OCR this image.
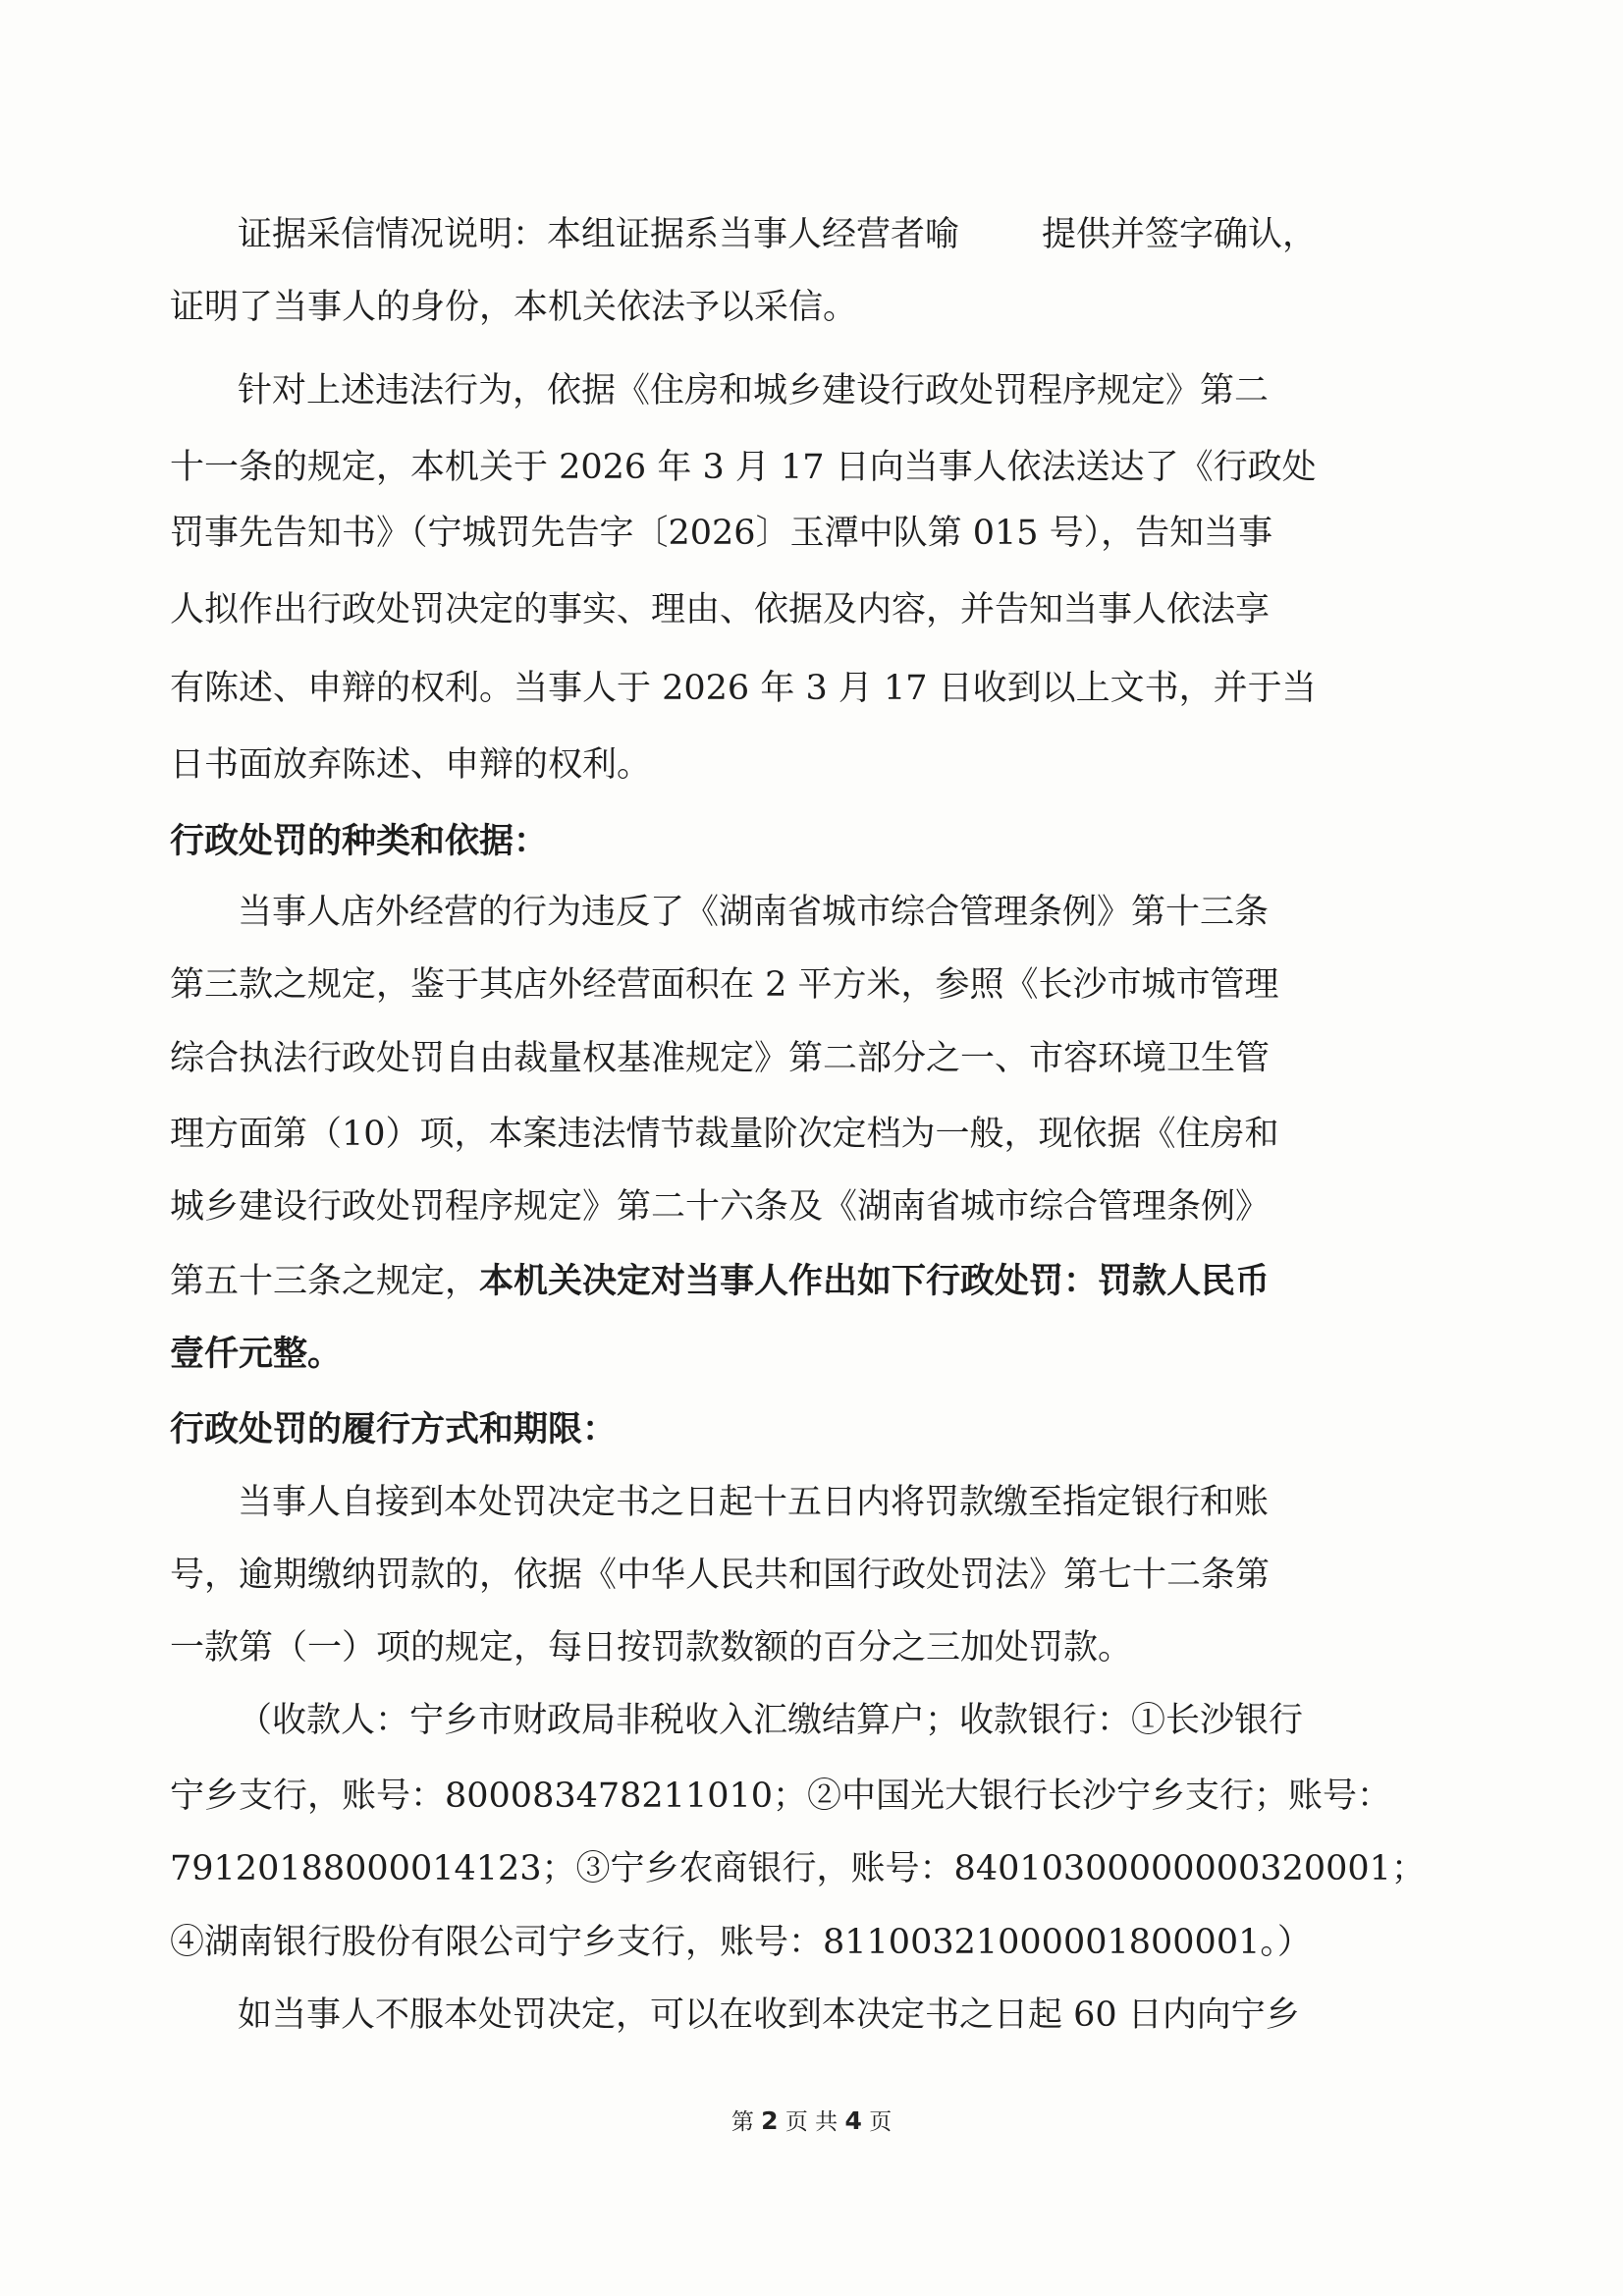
证据采信情况说明：本组证据系当事人经营者喻 提供并签字确认，
证明了当事人的身份，本机关依法予以采信。
针对上述违法行为，依据《住房和城乡建设行政处罚程序规定》第二
十一条的规定，本机关于 2026 年 3 月 17 日向当事人依法送达了《行政处
罚事先告知书》（宁城罚先告字〔2026〕玉潭中队第 015 号），告知当事
人拟作出行政处罚决定的事实、理由、依据及内容，并告知当事人依法享
有陈述、申辩的权利。当事人于 2026 年 3 月 17 日收到以上文书，并于当
日书面放弃陈述、申辩的权利。
行政处罚的种类和依据：
当事人店外经营的行为违反了《湖南省城市综合管理条例》第十三条
第三款之规定，鉴于其店外经营面积在 2 平方米，参照《长沙市城市管理
综合执法行政处罚自由裁量权基准规定》第二部分之一、市容环境卫生管
理方面第（10）项，本案违法情节裁量阶次定档为一般，现依据《住房和
城乡建设行政处罚程序规定》第二十六条及《湖南省城市综合管理条例》
第五十三条之规定，本机关决定对当事人作出如下行政处罚：罚款人民币
壹仟元整。
行政处罚的履行方式和期限：
当事人自接到本处罚决定书之日起十五日内将罚款缴至指定银行和账
号，逾期缴纳罚款的，依据《中华人民共和国行政处罚法》第七十二条第
一款第（一）项的规定，每日按罚款数额的百分之三加处罚款。
（收款人：宁乡市财政局非税收入汇缴结算户；收款银行：①长沙银行
宁乡支行，账号：800083478211010；②中国光大银行长沙宁乡支行；账号：
79120188000014123；③宁乡农商银行，账号：84010300000000320001；
④湖南银行股份有限公司宁乡支行，账号：81100321000001800001。）
如当事人不服本处罚决定，可以在收到本决定书之日起 60 日内向宁乡
第 2 页 共 4 页
